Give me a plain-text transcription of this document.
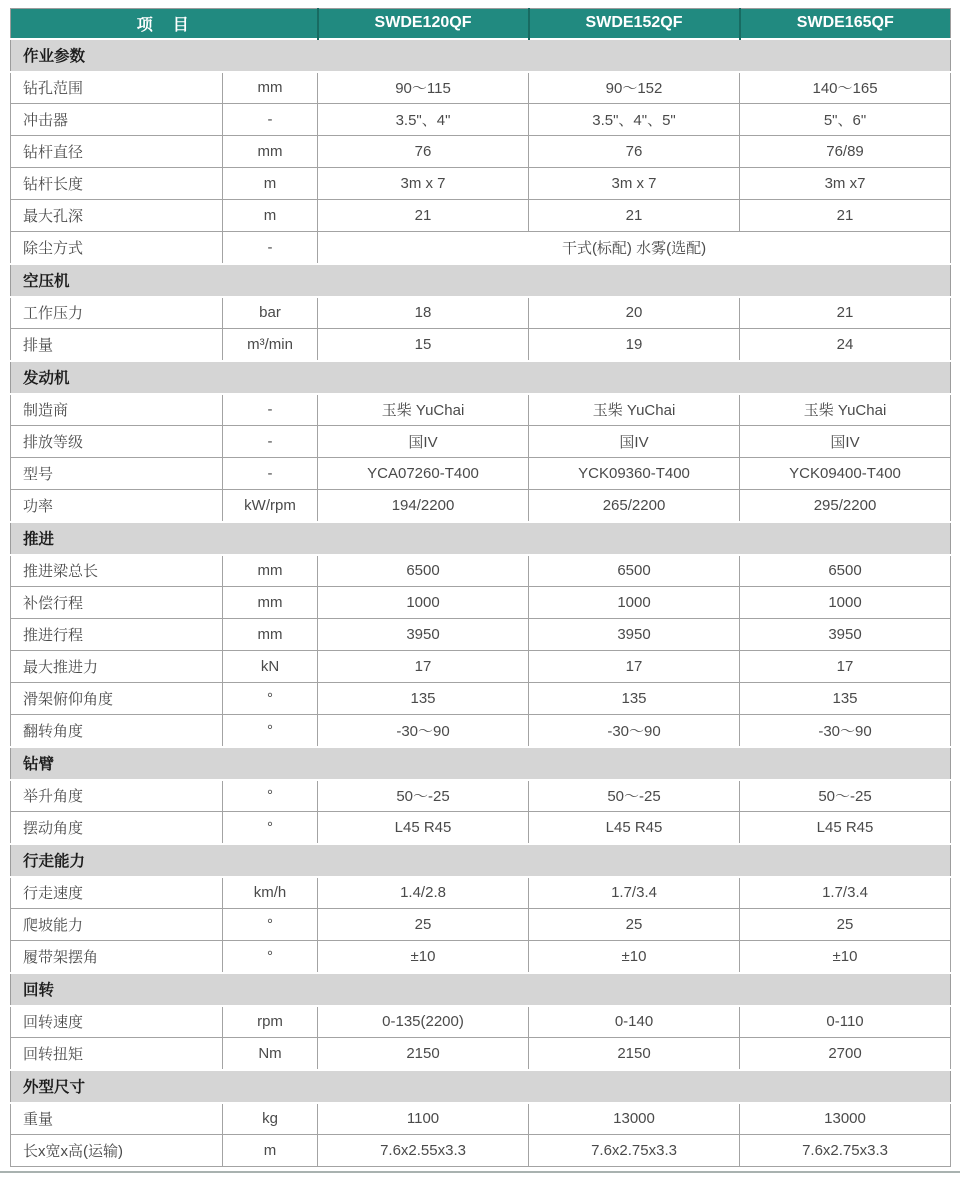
项　目		SWDE120QF	SWDE152QF	SWDE165QF
作业参数				
钻孔范围	mm	90～115	90～152	140～165
冲击器	-	3.5"、4"	3.5"、4"、5"	5"、6"
钻杆直径	mm	76	76	76/89
钻杆长度	m	3m x 7	3m x 7	3m x7
最大孔深	m	21	21	21
除尘方式	-	干式(标配) 水雾(选配)		
空压机				
工作压力	bar	18	20	21
排量	m³/min	15	19	24
发动机				
制造商	-	玉柴 YuChai	玉柴 YuChai	玉柴 YuChai
排放等级	-	国IV	国IV	国IV
型号	-	YCA07260-T400	YCK09360-T400	YCK09400-T400
功率	kW/rpm	194/2200	265/2200	295/2200
推进				
推进梁总长	mm	6500	6500	6500
补偿行程	mm	1000	1000	1000
推进行程	mm	3950	3950	3950
最大推进力	kN	17	17	17
滑架俯仰角度	°	135	135	135
翻转角度	°	-30～90	-30～90	-30～90
钻臂				
举升角度	°	50～-25	50～-25	50～-25
摆动角度	°	L45 R45	L45 R45	L45 R45
行走能力				
行走速度	km/h	1.4/2.8	1.7/3.4	1.7/3.4
爬坡能力	°	25	25	25
履带架摆角	°	±10	±10	±10
回转				
回转速度	rpm	0-135(2200)	0-140	0-110
回转扭矩	Nm	2150	2150	2700
外型尺寸				
重量	kg	1100	13000	13000
长x宽x高(运输)	m	7.6x2.55x3.3	7.6x2.75x3.3	7.6x2.75x3.3
